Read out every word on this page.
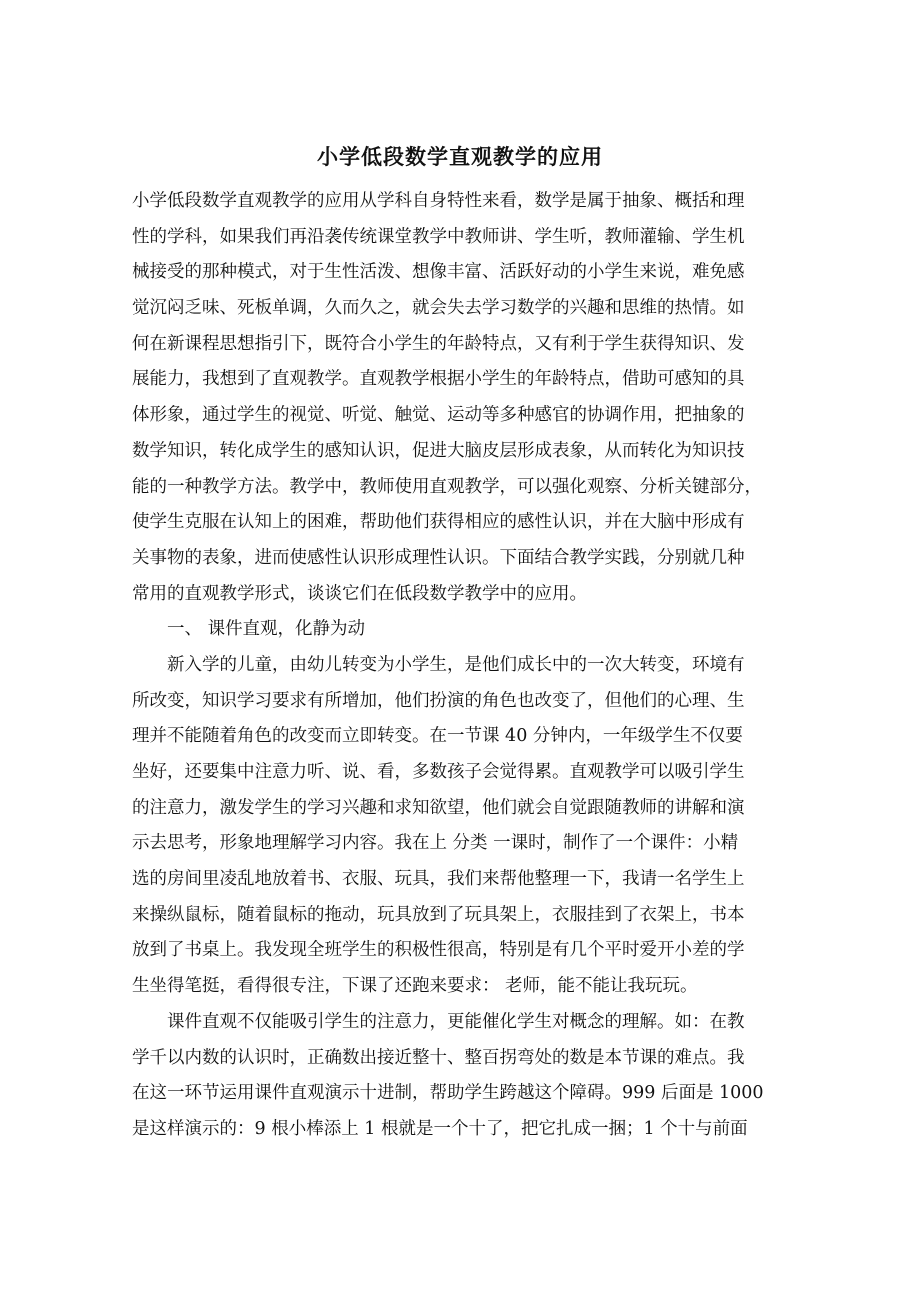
小学低段数学直观教学的应用
小学低段数学直观教学的应用从学科自身特性来看，数学是属于抽象、概括和理
性的学科，如果我们再沿袭传统课堂教学中教师讲、学生听，教师灌输、学生机
械接受的那种模式，对于生性活泼、想像丰富、活跃好动的小学生来说，难免感
觉沉闷乏味、死板单调，久而久之，就会失去学习数学的兴趣和思维的热情。如
何在新课程思想指引下，既符合小学生的年龄特点，又有利于学生获得知识、发
展能力，我想到了直观教学。直观教学根据小学生的年龄特点，借助可感知的具
体形象，通过学生的视觉、听觉、触觉、运动等多种感官的协调作用，把抽象的
数学知识，转化成学生的感知认识，促进大脑皮层形成表象，从而转化为知识技
能的一种教学方法。教学中，教师使用直观教学，可以强化观察、分析关键部分，
使学生克服在认知上的困难，帮助他们获得相应的感性认识，并在大脑中形成有
关事物的表象，进而使感性认识形成理性认识。下面结合教学实践，分别就几种
常用的直观教学形式，谈谈它们在低段数学教学中的应用。
一、 课件直观，化静为动
新入学的儿童，由幼儿转变为小学生，是他们成长中的一次大转变，环境有
所改变，知识学习要求有所增加，他们扮演的角色也改变了，但他们的心理、生
理并不能随着角色的改变而立即转变。在一节课 40 分钟内，一年级学生不仅要
坐好，还要集中注意力听、说、看，多数孩子会觉得累。直观教学可以吸引学生
的注意力，激发学生的学习兴趣和求知欲望，他们就会自觉跟随教师的讲解和演
示去思考，形象地理解学习内容。我在上 分类 一课时，制作了一个课件：小精
选的房间里凌乱地放着书、衣服、玩具，我们来帮他整理一下，我请一名学生上
来操纵鼠标，随着鼠标的拖动，玩具放到了玩具架上，衣服挂到了衣架上，书本
放到了书桌上。我发现全班学生的积极性很高，特别是有几个平时爱开小差的学
生坐得笔挺，看得很专注，下课了还跑来要求： 老师，能不能让我玩玩。
课件直观不仅能吸引学生的注意力，更能催化学生对概念的理解。如：在教
学千以内数的认识时，正确数出接近整十、整百拐弯处的数是本节课的难点。我
在这一环节运用课件直观演示十进制，帮助学生跨越这个障碍。999 后面是 1000
是这样演示的：9 根小棒添上 1 根就是一个十了，把它扎成一捆；1 个十与前面
